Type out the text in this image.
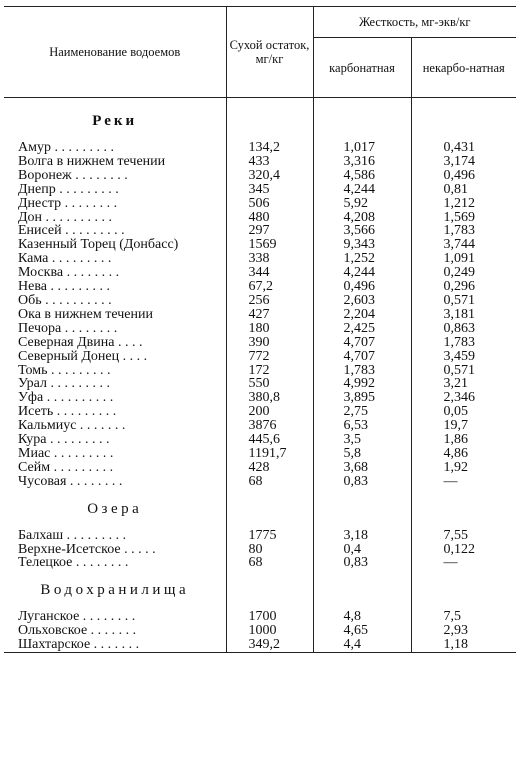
Наименование водоемов	Сухой остаток, мг/кг	Жесткость, мг-экв/кг	
		карбонатная	некарбо-натная

Реки			

Амур . . . . . . . . .	134,2	1,017	0,431
Волга в нижнем течении	433	3,316	3,174
Воронеж . . . . . . . .	320,4	4,586	0,496
Днепр . . . . . . . . .	345	4,244	0,81
Днестр . . . . . . . .	506	5,92	1,212
Дон . . . . . . . . . .	480	4,208	1,569
Енисей . . . . . . . . .	297	3,566	1,783
Казенный Торец (Донбасс)	1569	9,343	3,744
Кама . . . . . . . . .	338	1,252	1,091
Москва . . . . . . . .	344	4,244	0,249
Нева . . . . . . . . .	67,2	0,496	0,296
Обь . . . . . . . . . .	256	2,603	0,571
Ока в нижнем течении	427	2,204	3,181
Печора . . . . . . . .	180	2,425	0,863
Северная Двина . . . .	390	4,707	1,783
Северный Донец . . . .	772	4,707	3,459
Томь . . . . . . . . .	172	1,783	0,571
Урал . . . . . . . . .	550	4,992	3,21
Уфа . . . . . . . . . .	380,8	3,895	2,346
Исеть . . . . . . . . .	200	2,75	0,05
Кальмиус . . . . . . .	3876	6,53	19,7
Кура . . . . . . . . .	445,6	3,5	1,86
Миас . . . . . . . . .	1191,7	5,8	4,86
Сейм . . . . . . . . .	428	3,68	1,92
Чусовая . . . . . . . .	68	0,83	—

Озера			

Балхаш . . . . . . . . .	1775	3,18	7,55
Верхне-Исетское . . . . .	80	0,4	0,122
Телецкое . . . . . . . .	68	0,83	—

Водохранилища			

Луганское . . . . . . . .	1700	4,8	7,5
Ольховское . . . . . . .	1000	4,65	2,93
Шахтарское . . . . . . .	349,2	4,4	1,18
